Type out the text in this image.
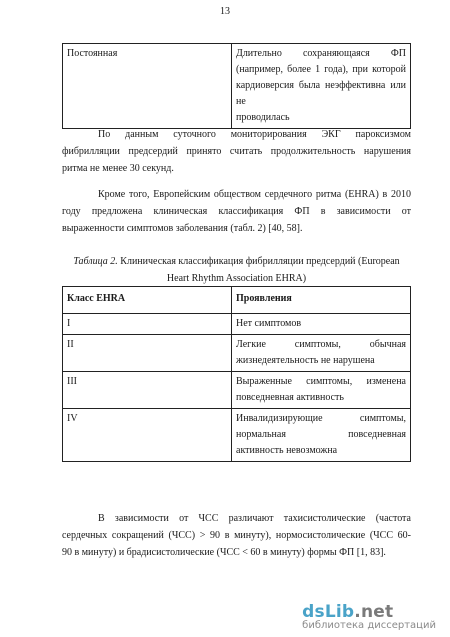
13
Постоянная	Длительно сохраняющаяся ФП
(например, более 1 года), при которой
кардиоверсия была неэффективна или не
проводилась
По данным суточного мониторирования ЭКГ пароксизмом
фибрилляции предсердий принято считать продолжительность нарушения
ритма не менее 30 секунд.
Кроме того, Европейским обществом сердечного ритма (EHRA) в 2010
году предложена клиническая классификация ФП в зависимости от
выраженности симптомов заболевания (табл. 2) [40, 58].
Таблица 2. Клиническая классификация фибрилляции предсердий (European
Heart Rhythm Association EHRA)
Класс EHRA	Проявления
I	Нет симптомов

II	Легкие симптомы, обычная
жизнедеятельность не нарушена

III	Выраженные симптомы, изменена
повседневная активность

IV	Инвалидизирующие симптомы,
нормальная повседневная
активность невозможна
В зависимости от ЧСС различают тахисистолические (частота
сердечных сокращений (ЧСС) > 90 в минуту), нормосистолические (ЧСС 60-
90 в минуту) и брадисистолические (ЧСС < 60 в минуту) формы ФП [1, 83].
dsLib.net
библиотека диссертаций
